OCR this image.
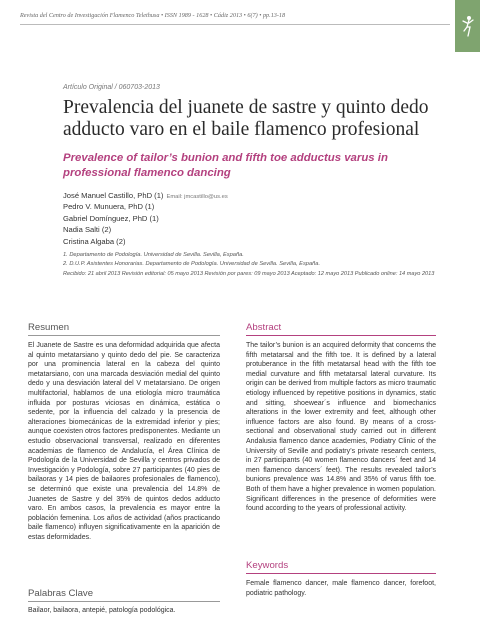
Revista del Centro de Investigación Flamenco Telethusa • ISSN 1989 - 1628 • Cádiz 2013 • 6(7) • pp.13-18
Artículo Original / 060703-2013
Prevalencia del juanete de sastre y quinto dedo adducto varo en el baile flamenco profesional
Prevalence of tailor’s bunion and fifth toe adductus varus in professional flamenco dancing
José Manuel Castillo, PhD (1) Email: jmcastillo@us.es
Pedro V. Munuera, PhD (1)
Gabriel Domínguez, PhD (1)
Nadia Salti (2)
Cristina Algaba (2)
1. Departamento de Podología. Universidad de Sevilla. Sevilla, España.
2. D.U.P. Asistentes Honorarias. Departamento de Podología. Universidad de Sevilla. Sevilla, España.
Recibido: 21 abril 2013 Revisión editorial: 05 mayo 2013 Revisión por pares: 09 mayo 2013 Aceptado: 12 mayo 2013 Publicado online: 14 mayo 2013
Resumen

El Juanete de Sastre es una deformidad adquirida que afecta al quinto metatarsiano y quinto dedo del pie. Se caracteriza por una prominencia lateral en la cabeza del quinto metatarsiano, con una marcada desviación medial del quinto dedo y una desviación lateral del V metatarsiano. De origen multifactorial, hablamos de una etiología micro traumática influida por posturas viciosas en dinámica, estática o sedente, por la influencia del calzado y la presencia de alteraciones biomecánicas de la extremidad inferior y pies; aunque coexisten otros factores predisponentes. Mediante un estudio observacional transversal, realizado en diferentes academias de flamenco de Andalucía, el Área Clínica de Podología de la Universidad de Sevilla y centros privados de Investigación y Podología, sobre 27 participantes (40 pies de bailaoras y 14 pies de bailaores profesionales de flamenco), se determinó que existe una prevalencia del 14.8% de Juanetes de Sastre y del 35% de quintos dedos adducto varo. En ambos casos, la prevalencia es mayor entre la población femenina. Los años de actividad (años practicando baile flamenco) influyen significativamente en la aparición de estas deformidades.

Palabras Clave

Bailaor, bailaora, antepié, patología podológica.

Abstract

The tailor’s bunion is an acquired deformity that concerns the fifth metatarsal and the fifth toe. It is defined by a lateral protuberance in the fifth metatarsal head with the fifth toe medial curvature and fifth metatarsal lateral curvature. Its origin can be derived from multiple factors as micro traumatic etiology influenced by repetitive positions in dynamics, static and sitting, shoewear´s influence and biomechanics alterations in the lower extremity and feet, although other influence factors are also found. By means of a cross-sectional and observational study carried out in different Andalusia flamenco dance academies, Podiatry Clinic of the University of Seville and podiatry’s private research centers, in 27 participants (40 women flamenco dancers´ feet and 14 men flamenco dancers´ feet). The results revealed tailor’s bunions prevalence was 14.8% and 35% of varus fifth toe. Both of them have a higher prevalence in women population. Significant differences in the presence of deformities were found according to the years of professional activity.

Keywords

Female flamenco dancer, male flamenco dancer, forefoot, podiatric pathology.
